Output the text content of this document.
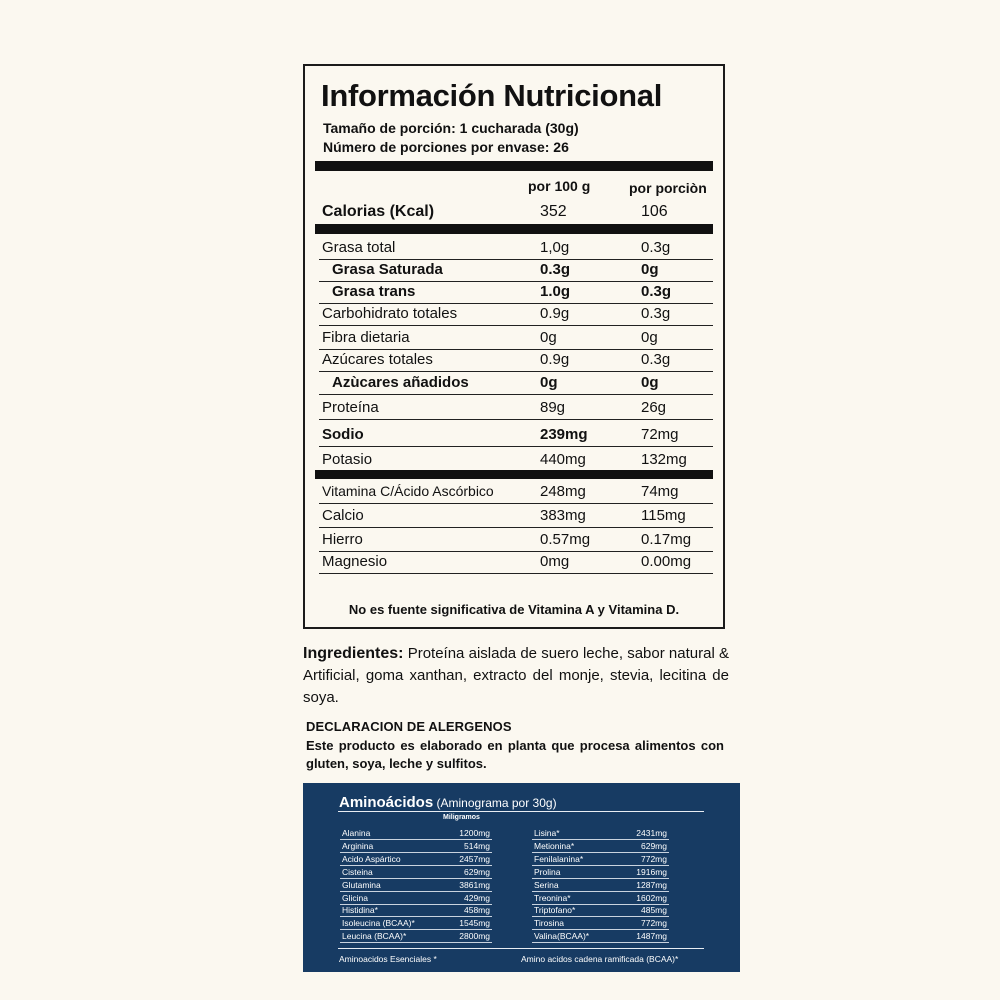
Información Nutricional
Tamaño de porción: 1 cucharada (30g)
Número de porciones por envase: 26
por 100 g	por porciòn
Calorias (Kcal)	352	106
Grasa total	1,0g	0.3g
Grasa Saturada	0.3g	0g
Grasa trans	1.0g	0.3g
Carbohidrato totales	0.9g	0.3g
Fibra dietaria	0g	0g
Azúcares totales	0.9g	0.3g
Azùcares añadidos	0g	0g
Proteína	89g	26g
Sodio	239mg	72mg
Potasio	440mg	132mg
Vitamina C/Ácido Ascórbico	248mg	74mg
Calcio	383mg	115mg
Hierro	0.57mg	0.17mg
Magnesio	0mg	0.00mg
No es fuente significativa de Vitamina A y Vitamina D.
Ingredientes: Proteína aislada de suero leche, sabor natural & Artificial, goma xanthan, extracto del monje, stevia, lecitina de soya.
DECLARACION DE ALERGENOS
Este producto es elaborado en planta que procesa alimentos con gluten, soya, leche y sulfitos.
Aminoácidos (Aminograma por 30g)
Miligramos
Alanina	1200mg
Arginina	514mg
Acido Aspártico	2457mg
Cisteina	629mg
Glutamina	3861mg
Glicina	429mg
Histidina*	458mg
Isoleucina (BCAA)*	1545mg
Leucina (BCAA)*	2800mg
Lisina*	2431mg
Metionina*	629mg
Fenilalanina*	772mg
Prolina	1916mg
Serina	1287mg
Treonina*	1602mg
Triptofano*	485mg
Tirosina	772mg
Valina(BCAA)*	1487mg
Aminoacidos Esenciales *	Amino acidos cadena ramificada (BCAA)*
